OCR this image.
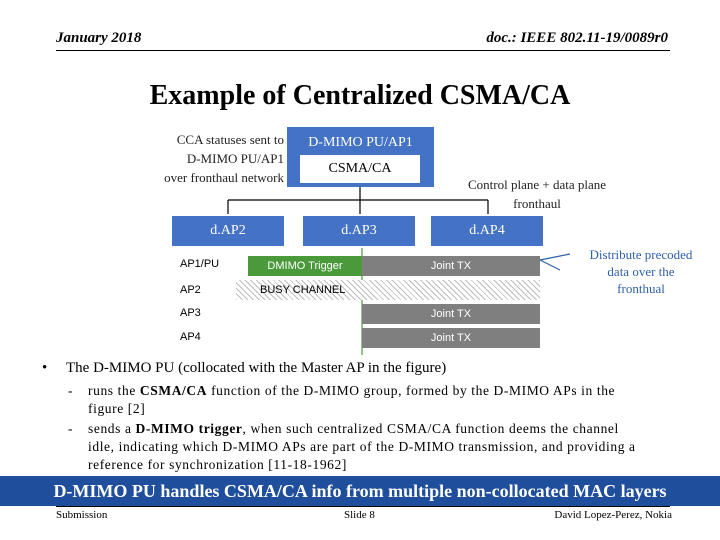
January 2018	doc.: IEEE 802.11-19/0089r0
Example of Centralized CSMA/CA
CCA statuses sent to
D-MIMO PU/AP1
over fronthaul network
D-MIMO PU/AP1
CSMA/CA
Control plane + data plane
fronthaul
d.AP2	d.AP3	d.AP4
AP1/PU
AP2
AP3
AP4
DMIMO Trigger	Joint TX
BUSY CHANNEL
Joint TX
Joint TX
Distribute precoded
data over the
fronthual
• The D-MIMO PU (collocated with the Master AP in the figure)
- runs the CSMA/CA function of the D-MIMO group, formed by the D-MIMO APs in the
figure [2]
- sends a D-MIMO trigger, when such centralized CSMA/CA function deems the channel
idle, indicating which D-MIMO APs are part of the D-MIMO transmission, and providing a
reference for synchronization [11-18-1962]
D-MIMO PU handles CSMA/CA info from multiple non-collocated MAC layers
Submission	Slide 8	David Lopez-Perez, Nokia
